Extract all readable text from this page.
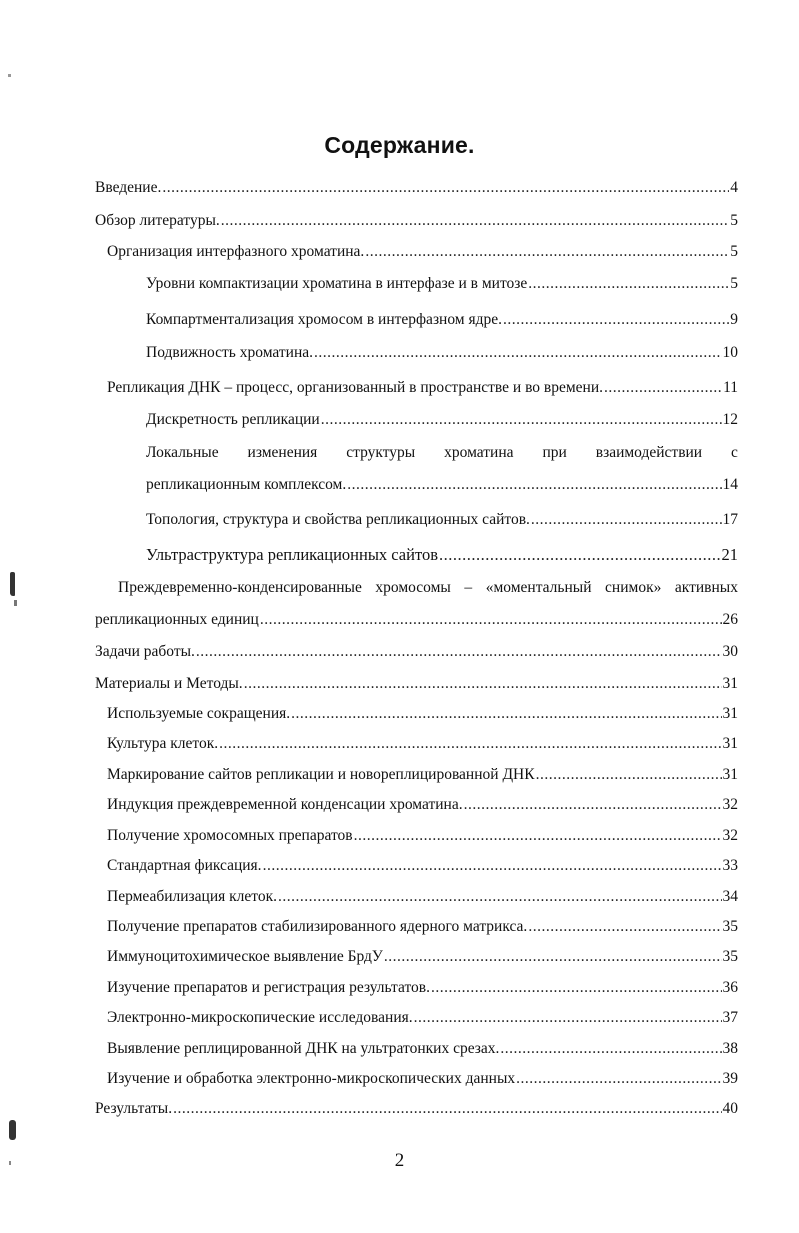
Содержание.
Введение. .....	4
Обзор литературы. .....	5
Организация интерфазного хроматина. .....	5
Уровни компактизации хроматина в интерфазе и в митозе .....	5
Компартментализация хромосом в интерфазном ядре. .....	9
Подвижность хроматина. .....	10
Репликация ДНК – процесс, организованный в пространстве и во времени. .....	11
Дискретность репликации .....	12
Локальные изменения структуры хроматина при взаимодействии с
репликационным комплексом. .....	14
Топология, структура и свойства репликационных сайтов. .....	17
Ультраструктура репликационных сайтов .....	21
Преждевременно-конденсированные хромосомы – «моментальный снимок» активных
репликационных единиц .....	26
Задачи работы. .....	30
Материалы и Методы. .....	31
Используемые сокращения. .....	31
Культура клеток. .....	31
Маркирование сайтов репликации и новореплицированной ДНК .....	31
Индукция преждевременной конденсации хроматина. .....	32
Получение хромосомных препаратов .....	32
Стандартная фиксация. .....	33
Пермеабилизация клеток. .....	34
Получение препаратов стабилизированного ядерного матрикса. .....	35
Иммуноцитохимическое выявление БрдУ .....	35
Изучение препаратов и регистрация результатов. .....	36
Электронно-микроскопические исследования. .....	37
Выявление реплицированной ДНК на ультратонких срезах. .....	38
Изучение и обработка электронно-микроскопических данных .....	39
Результаты. .....	40
2
